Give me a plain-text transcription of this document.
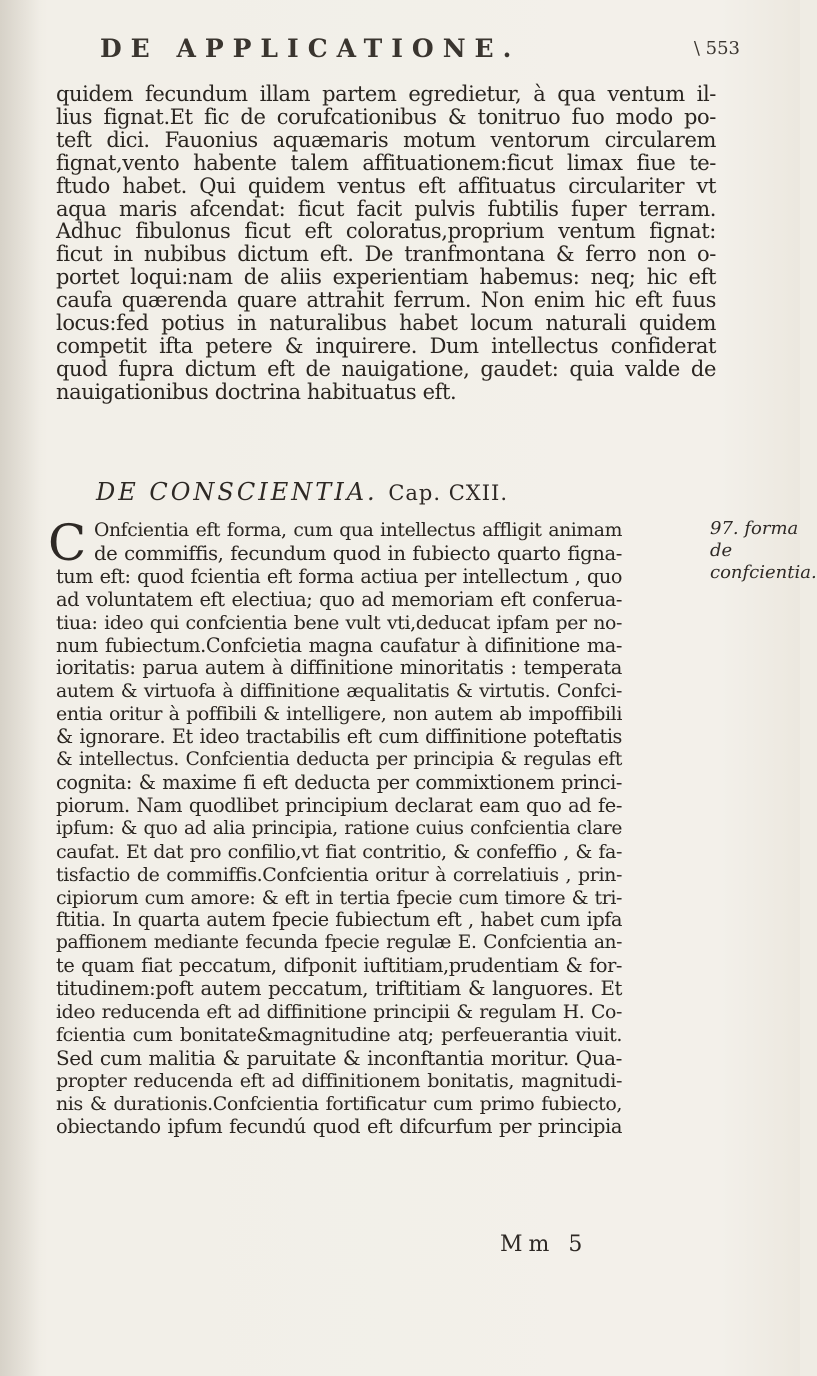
DE APPLICATIONE.	\ 553
quidem fecundum illam partem egredietur, à qua ventum il-
lius fignat.Et fic de corufcationibus & tonitruo fuo modo po-
teft dici. Fauonius aquæmaris motum ventorum circularem
fignat,vento habente talem affituationem:ficut limax fiue te-
ftudo habet. Qui quidem ventus eft affituatus circulariter vt
aqua maris afcendat: ficut facit pulvis fubtilis fuper terram.
Adhuc fibulonus ficut eft coloratus,proprium ventum fignat:
ficut in nubibus dictum eft. De tranfmontana & ferro non o-
portet loqui:nam de aliis experientiam habemus: neq; hic eft
caufa quærenda quare attrahit ferrum. Non enim hic eft fuus
locus:fed potius in naturalibus habet locum naturali quidem
competit ifta petere & inquirere. Dum intellectus confiderat
quod fupra dictum eft de nauigatione, gaudet: quia valde de
nauigationibus doctrina habituatus eft.
DE CONSCIENTIA. Cap. CXII.
97. forma de confcientia.
C Onfcientia eft forma, cum qua intellectus affligit animam
de commiffis, fecundum quod in fubiecto quarto figna-
tum eft: quod fcientia eft forma actiua per intellectum , quo
ad voluntatem eft electiua; quo ad memoriam eft conferua-
tiua: ideo qui confcientia bene vult vti,deducat ipfam per no-
num fubiectum.Confcietia magna caufatur à difinitione ma-
ioritatis: parua autem à diffinitione minoritatis : temperata
autem & virtuofa à diffinitione æqualitatis & virtutis. Confci-
entia oritur à poffibili & intelligere, non autem ab impoffibili
& ignorare. Et ideo tractabilis eft cum diffinitione poteftatis
& intellectus. Confcientia deducta per principia & regulas eft
cognita: & maxime fi eft deducta per commixtionem princi-
piorum. Nam quodlibet principium declarat eam quo ad fe-
ipfum: & quo ad alia principia, ratione cuius confcientia clare
caufat. Et dat pro confilio,vt fiat contritio, & confeffio , & fa-
tisfactio de commiffis.Confcientia oritur à correlatiuis , prin-
cipiorum cum amore: & eft in tertia fpecie cum timore & tri-
ftitia. In quarta autem fpecie fubiectum eft , habet cum ipfa
paffionem mediante fecunda fpecie regulæ E. Confcientia an-
te quam fiat peccatum, difponit iuftitiam,prudentiam & for-
titudinem:poft autem peccatum, triftitiam & languores. Et
ideo reducenda eft ad diffinitione principii & regulam H. Co-
fcientia cum bonitate&magnitudine atq; perfeuerantia viuit.
Sed cum malitia & paruitate & inconftantia moritur. Qua-
propter reducenda eft ad diffinitionem bonitatis, magnitudi-
nis & durationis.Confcientia fortificatur cum primo fubiecto,
obiectando ipfum fecundú quod eft difcurfum per principia
Mm 5
